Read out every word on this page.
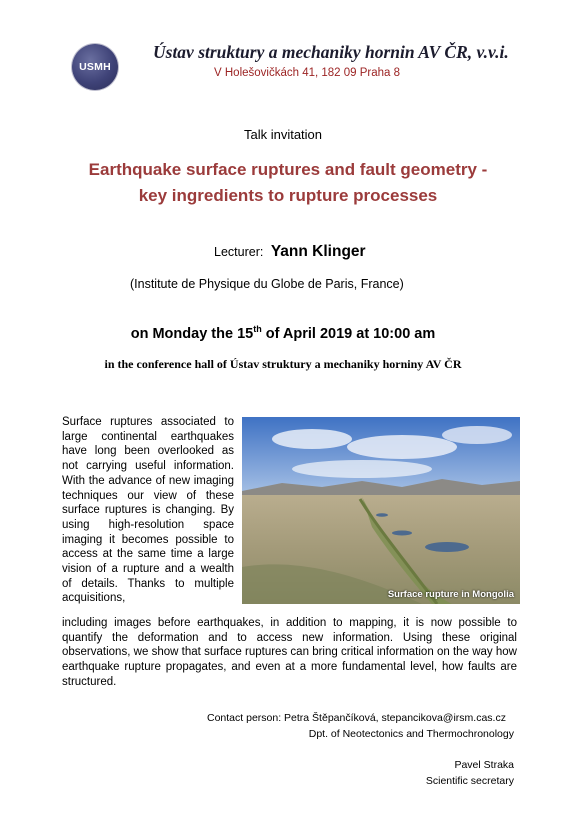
USMH
Ústav struktury a mechaniky hornin AV ČR, v.v.i.
V Holešovičkách 41, 182 09 Praha 8
Talk invitation
Earthquake surface ruptures and fault geometry -
key ingredients to rupture processes
Lecturer: Yann Klinger
(Institute de Physique du Globe de Paris, France)
on Monday the 15th of April 2019 at 10:00 am
in the conference hall of Ústav struktury a mechaniky horniny AV ČR
Surface ruptures associated to large continental earthquakes have long been overlooked as not carrying useful information. With the advance of new imaging techniques our view of these surface ruptures is changing. By using high-resolution space imaging it becomes possible to access at the same time a large vision of a rupture and a wealth of details. Thanks to multiple acquisitions,	Surface rupture in Mongolia
including images before earthquakes, in addition to mapping, it is now possible to quantify the deformation and to access new information. Using these original observations, we show that surface ruptures can bring critical information on the way how earthquake rupture propagates, and even at a more fundamental level, how faults are structured.
Contact person: Petra Štěpančíková, stepancikova@irsm.cas.cz
Dpt. of Neotectonics and Thermochronology
Pavel Straka
Scientific secretary
